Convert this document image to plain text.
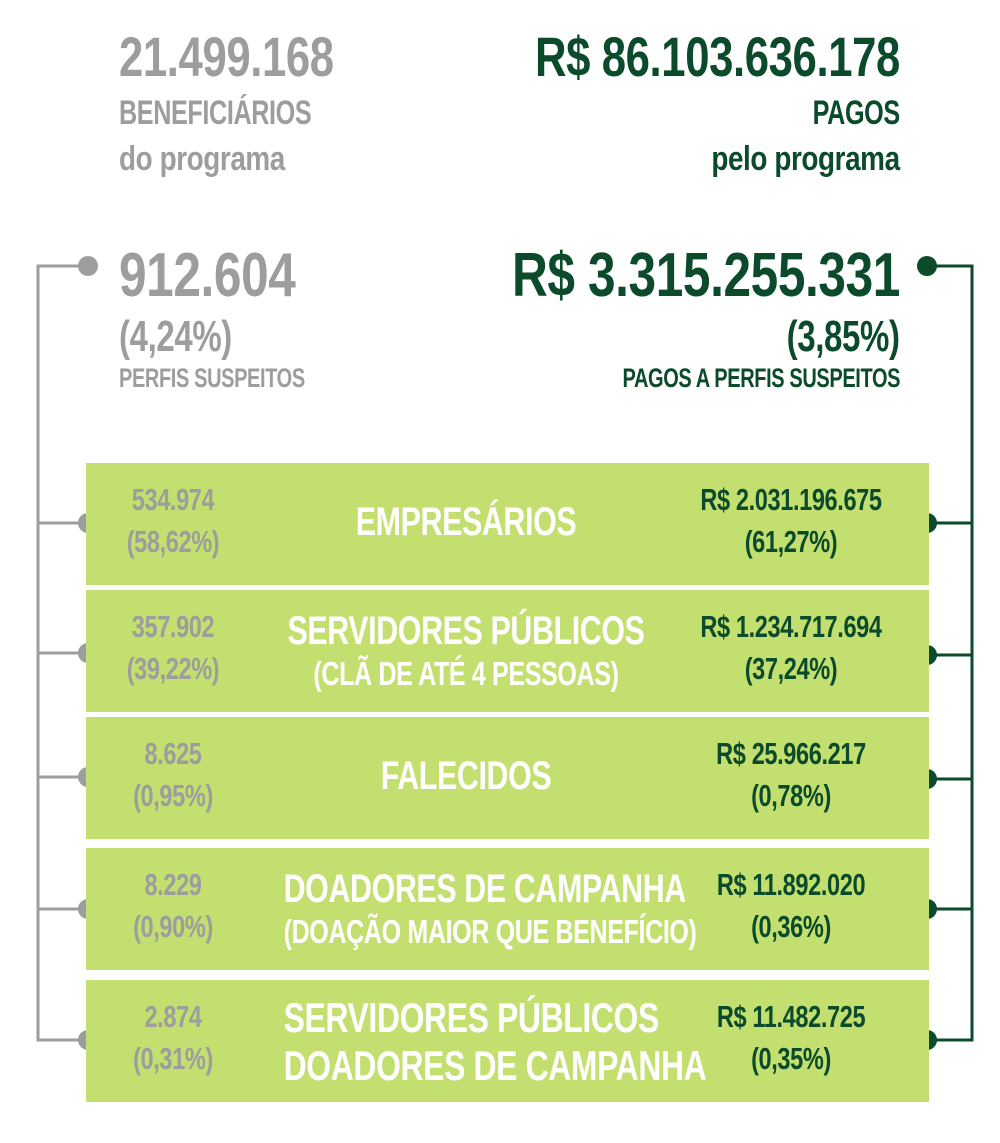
21.499.168
BENEFICIÁRIOS
do programa
R$ 86.103.636.178
PAGOS
pelo programa
912.604
(4,24%)
PERFIS SUSPEITOS
R$ 3.315.255.331
(3,85%)
PAGOS A PERFIS SUSPEITOS
534.974
(58,62%)	EMPRESÁRIOS
R$ 2.031.196.675
(61,27%)
357.902
(39,22%)
SERVIDORES PÚBLICOS
(CLÃ DE ATÉ 4 PESSOAS)
R$ 1.234.717.694
(37,24%)
8.625
(0,95%)	FALECIDOS
R$ 25.966.217
(0,78%)
8.229
(0,90%)
DOADORES DE CAMPANHA
(DOAÇÃO MAIOR QUE BENEFÍCIO)
R$ 11.892.020
(0,36%)
2.874
(0,31%)
SERVIDORES PÚBLICOS
DOADORES DE CAMPANHA
R$ 11.482.725
(0,35%)
